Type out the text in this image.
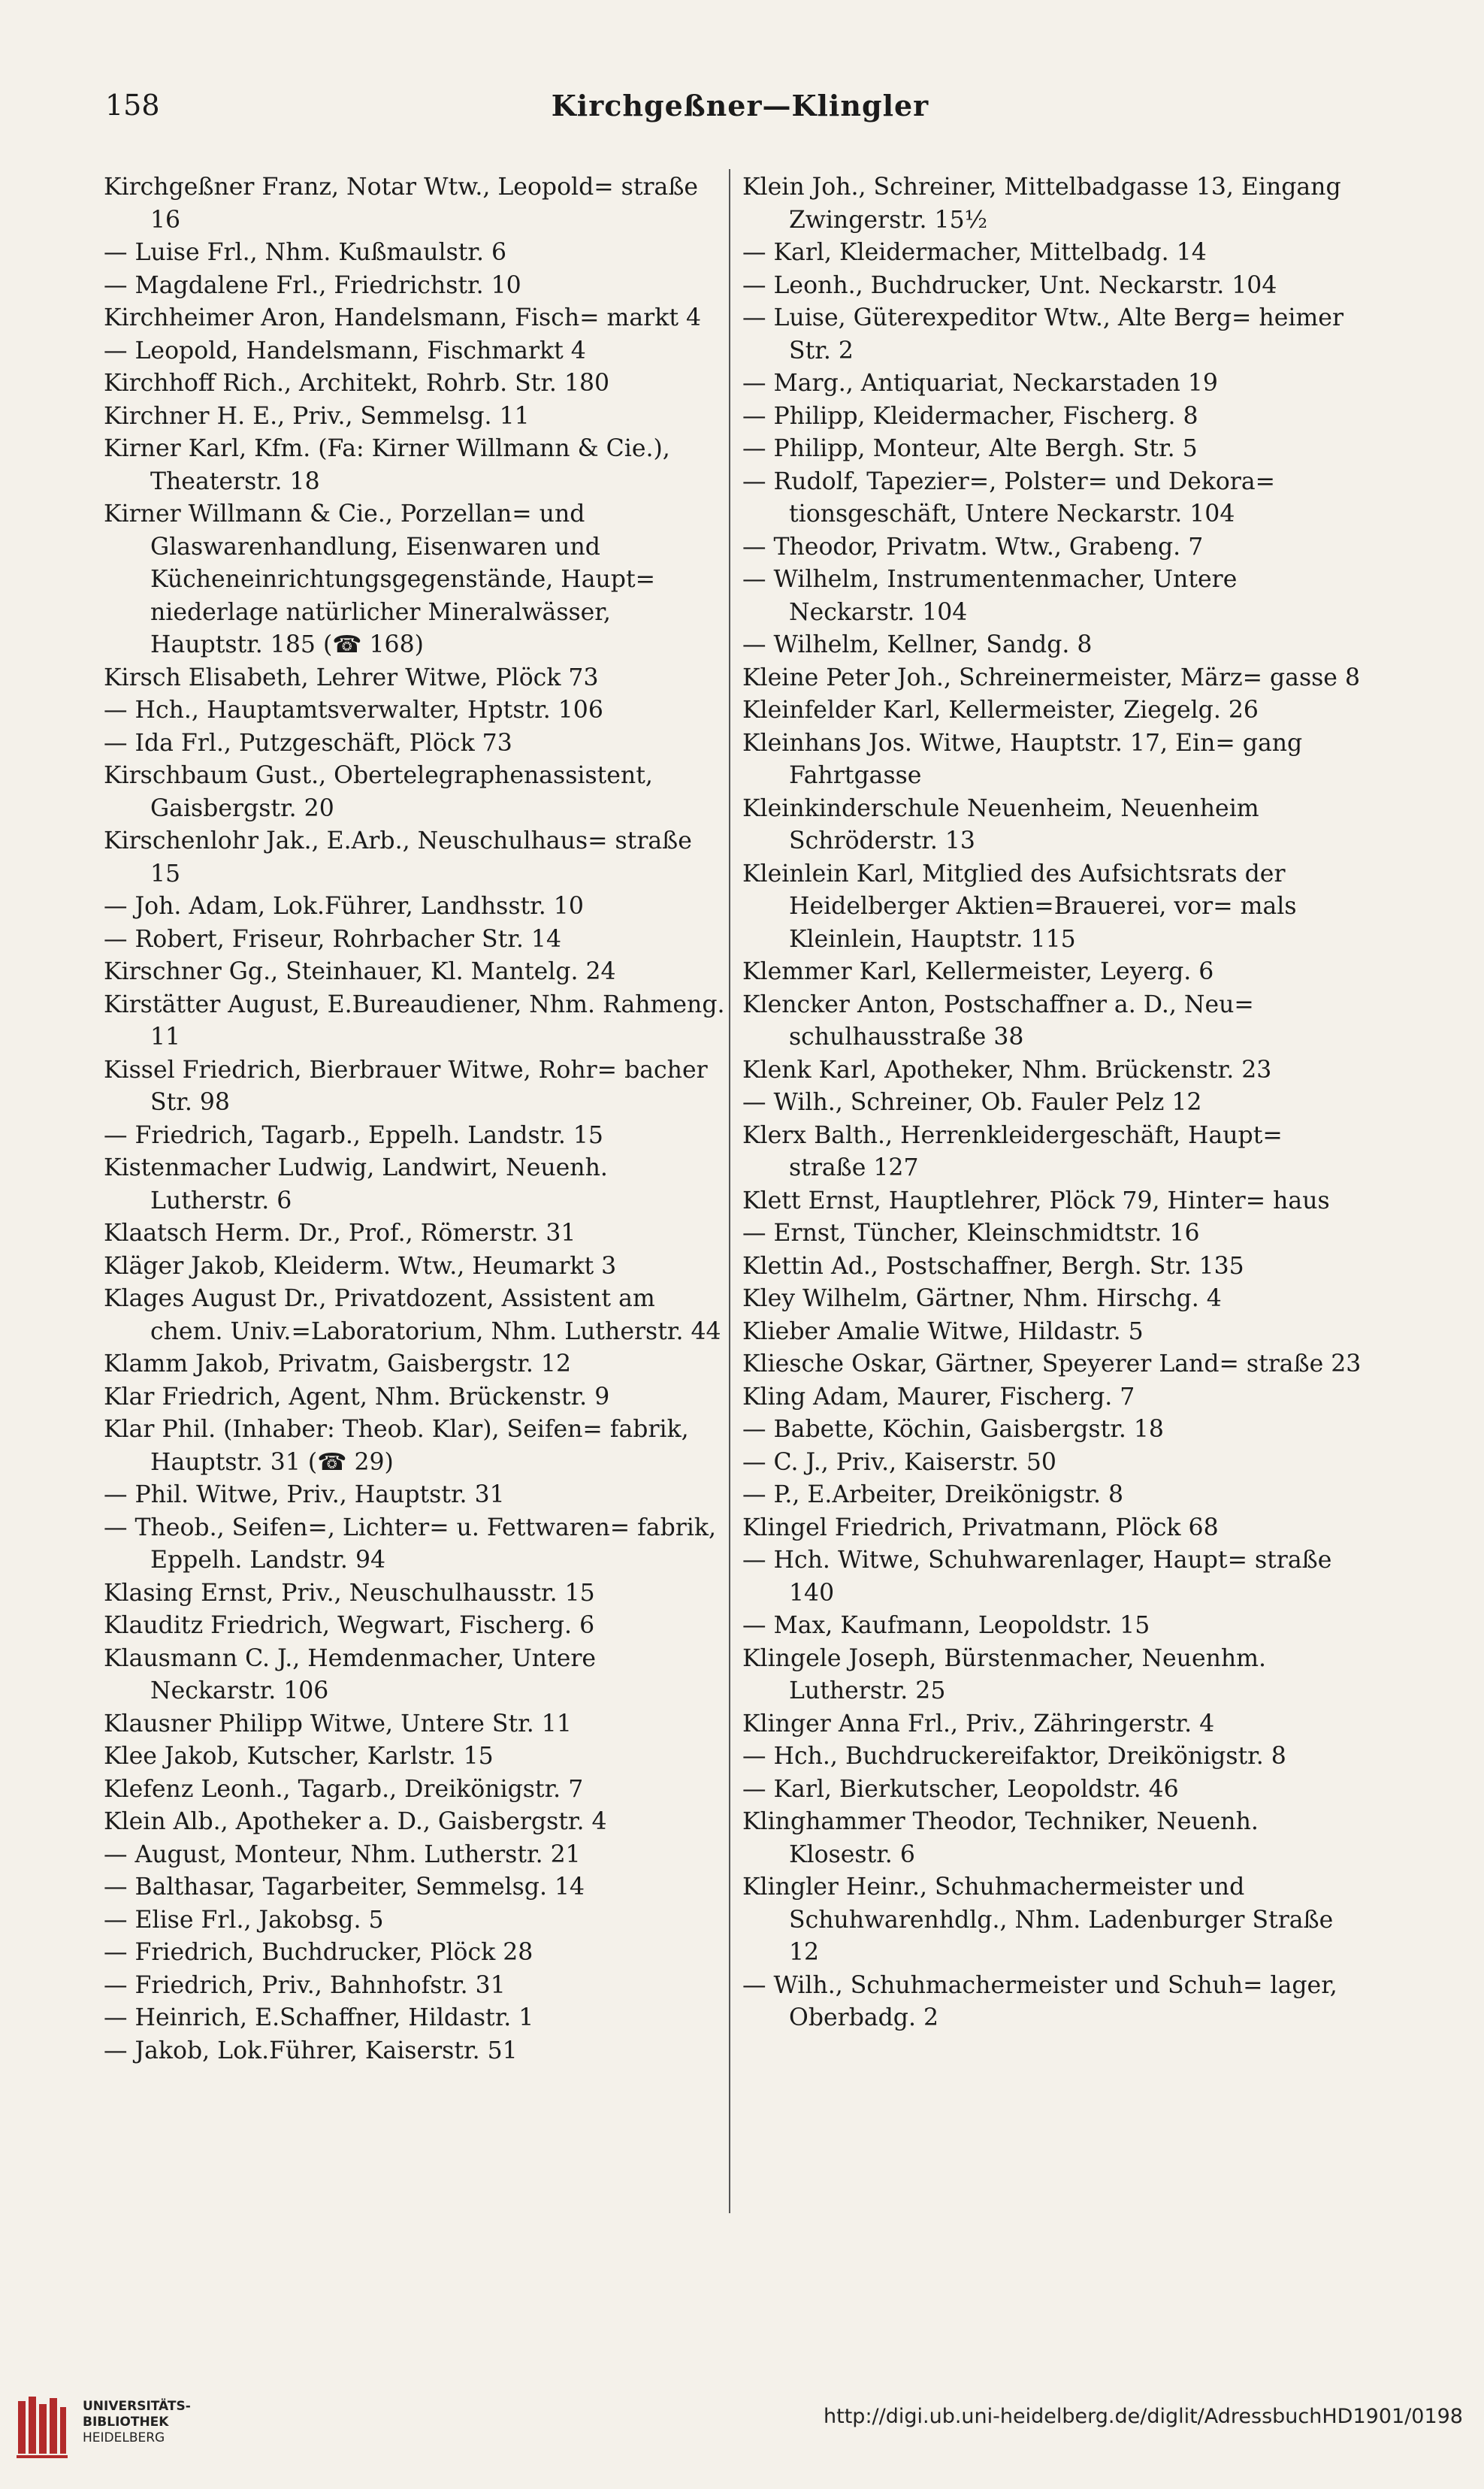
158	Kirchgeßner—Klingler
Kirchgeßner Franz, Notar Wtw., Leopold= straße 16
— Luise Frl., Nhm. Kußmaulstr. 6
— Magdalene Frl., Friedrichstr. 10
Kirchheimer Aron, Handelsmann, Fisch= markt 4
— Leopold, Handelsmann, Fischmarkt 4
Kirchhoff Rich., Architekt, Rohrb. Str. 180
Kirchner H. E., Priv., Semmelsg. 11
Kirner Karl, Kfm. (Fa: Kirner Willmann & Cie.), Theaterstr. 18
Kirner Willmann & Cie., Porzellan= und Glaswarenhandlung, Eisenwaren und Kücheneinrichtungsgegenstände, Haupt= niederlage natürlicher Mineralwässer, Hauptstr. 185 (☎ 168)
Kirsch Elisabeth, Lehrer Witwe, Plöck 73
— Hch., Hauptamtsverwalter, Hptstr. 106
— Ida Frl., Putzgeschäft, Plöck 73
Kirschbaum Gust., Obertelegraphenassistent, Gaisbergstr. 20
Kirschenlohr Jak., E.Arb., Neuschulhaus= straße 15
— Joh. Adam, Lok.Führer, Landhsstr. 10
— Robert, Friseur, Rohrbacher Str. 14
Kirschner Gg., Steinhauer, Kl. Mantelg. 24
Kirstätter August, E.Bureaudiener, Nhm. Rahmeng. 11
Kissel Friedrich, Bierbrauer Witwe, Rohr= bacher Str. 98
— Friedrich, Tagarb., Eppelh. Landstr. 15
Kistenmacher Ludwig, Landwirt, Neuenh. Lutherstr. 6
Klaatsch Herm. Dr., Prof., Römerstr. 31
Kläger Jakob, Kleiderm. Wtw., Heumarkt 3
Klages August Dr., Privatdozent, Assistent am chem. Univ.=Laboratorium, Nhm. Lutherstr. 44
Klamm Jakob, Privatm, Gaisbergstr. 12
Klar Friedrich, Agent, Nhm. Brückenstr. 9
Klar Phil. (Inhaber: Theob. Klar), Seifen= fabrik, Hauptstr. 31 (☎ 29)
— Phil. Witwe, Priv., Hauptstr. 31
— Theob., Seifen=, Lichter= u. Fettwaren= fabrik, Eppelh. Landstr. 94
Klasing Ernst, Priv., Neuschulhausstr. 15
Klauditz Friedrich, Wegwart, Fischerg. 6
Klausmann C. J., Hemdenmacher, Untere Neckarstr. 106
Klausner Philipp Witwe, Untere Str. 11
Klee Jakob, Kutscher, Karlstr. 15
Klefenz Leonh., Tagarb., Dreikönigstr. 7
Klein Alb., Apotheker a. D., Gaisbergstr. 4
— August, Monteur, Nhm. Lutherstr. 21
— Balthasar, Tagarbeiter, Semmelsg. 14
— Elise Frl., Jakobsg. 5
— Friedrich, Buchdrucker, Plöck 28
— Friedrich, Priv., Bahnhofstr. 31
— Heinrich, E.Schaffner, Hildastr. 1
— Jakob, Lok.Führer, Kaiserstr. 51
Klein Joh., Schreiner, Mittelbadgasse 13, Eingang Zwingerstr. 15½
— Karl, Kleidermacher, Mittelbadg. 14
— Leonh., Buchdrucker, Unt. Neckarstr. 104
— Luise, Güterexpeditor Wtw., Alte Berg= heimer Str. 2
— Marg., Antiquariat, Neckarstaden 19
— Philipp, Kleidermacher, Fischerg. 8
— Philipp, Monteur, Alte Bergh. Str. 5
— Rudolf, Tapezier=, Polster= und Dekora= tionsgeschäft, Untere Neckarstr. 104
— Theodor, Privatm. Wtw., Grabeng. 7
— Wilhelm, Instrumentenmacher, Untere Neckarstr. 104
— Wilhelm, Kellner, Sandg. 8
Kleine Peter Joh., Schreinermeister, März= gasse 8
Kleinfelder Karl, Kellermeister, Ziegelg. 26
Kleinhans Jos. Witwe, Hauptstr. 17, Ein= gang Fahrtgasse
Kleinkinderschule Neuenheim, Neuenheim Schröderstr. 13
Kleinlein Karl, Mitglied des Aufsichtsrats der Heidelberger Aktien=Brauerei, vor= mals Kleinlein, Hauptstr. 115
Klemmer Karl, Kellermeister, Leyerg. 6
Klencker Anton, Postschaffner a. D., Neu= schulhausstraße 38
Klenk Karl, Apotheker, Nhm. Brückenstr. 23
— Wilh., Schreiner, Ob. Fauler Pelz 12
Klerx Balth., Herrenkleidergeschäft, Haupt= straße 127
Klett Ernst, Hauptlehrer, Plöck 79, Hinter= haus
— Ernst, Tüncher, Kleinschmidtstr. 16
Klettin Ad., Postschaffner, Bergh. Str. 135
Kley Wilhelm, Gärtner, Nhm. Hirschg. 4
Klieber Amalie Witwe, Hildastr. 5
Kliesche Oskar, Gärtner, Speyerer Land= straße 23
Kling Adam, Maurer, Fischerg. 7
— Babette, Köchin, Gaisbergstr. 18
— C. J., Priv., Kaiserstr. 50
— P., E.Arbeiter, Dreikönigstr. 8
Klingel Friedrich, Privatmann, Plöck 68
— Hch. Witwe, Schuhwarenlager, Haupt= straße 140
— Max, Kaufmann, Leopoldstr. 15
Klingele Joseph, Bürstenmacher, Neuenhm. Lutherstr. 25
Klinger Anna Frl., Priv., Zähringerstr. 4
— Hch., Buchdruckereifaktor, Dreikönigstr. 8
— Karl, Bierkutscher, Leopoldstr. 46
Klinghammer Theodor, Techniker, Neuenh. Klosestr. 6
Klingler Heinr., Schuhmachermeister und Schuhwarenhdlg., Nhm. Ladenburger Straße 12
— Wilh., Schuhmachermeister und Schuh= lager, Oberbadg. 2
UNIVERSITÄTS-
BIBLIOTHEK
HEIDELBERG
http://digi.ub.uni-heidelberg.de/diglit/AdressbuchHD1901/0198
